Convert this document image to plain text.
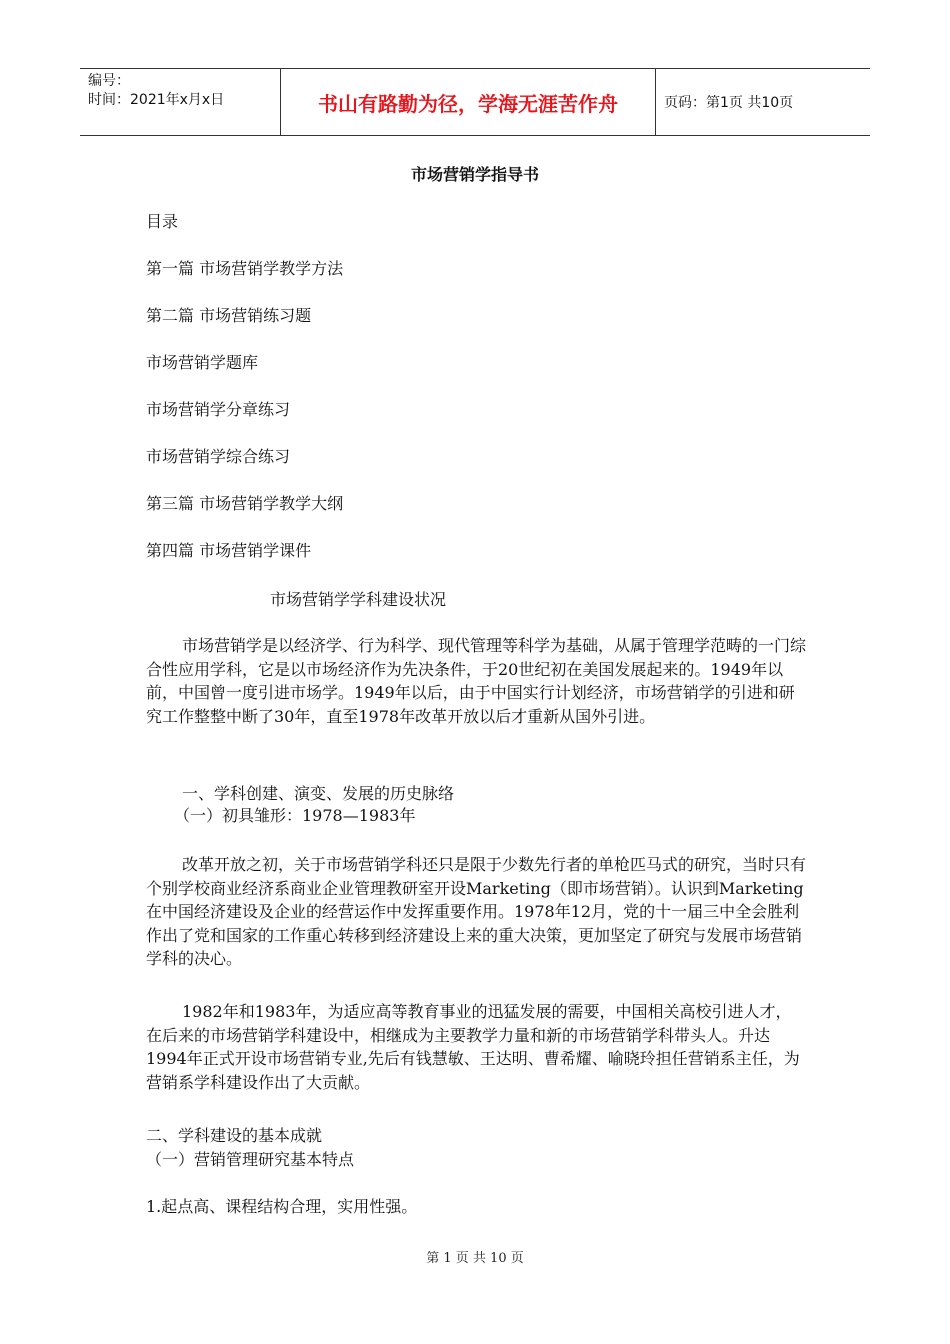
编号：
时间：2021年x月x日	书山有路勤为径，学海无涯苦作舟	页码：第1页 共10页
市场营销学指导书
目录
第一篇 市场营销学教学方法
第二篇 市场营销练习题
市场营销学题库
市场营销学分章练习
市场营销学综合练习
第三篇 市场营销学教学大纲
第四篇 市场营销学课件
市场营销学学科建设状况

市场营销学是以经济学、行为科学、现代管理等科学为基础，从属于管理学范畴的一门综合性应用学科，它是以市场经济作为先决条件，于20世纪初在美国发展起来的。1949年以前，中国曾一度引进市场学。1949年以后，由于中国实行计划经济，市场营销学的引进和研究工作整整中断了30年，直至1978年改革开放以后才重新从国外引进。

一、学科创建、演变、发展的历史脉络
（一）初具雏形：1978—1983年

改革开放之初，关于市场营销学科还只是限于少数先行者的单枪匹马式的研究，当时只有个别学校商业经济系商业企业管理教研室开设Marketing（即市场营销）。认识到Marketing在中国经济建设及企业的经营运作中发挥重要作用。1978年12月，党的十一届三中全会胜利作出了党和国家的工作重心转移到经济建设上来的重大决策，更加坚定了研究与发展市场营销学科的决心。

1982年和1983年，为适应高等教育事业的迅猛发展的需要，中国相关高校引进人才，在后来的市场营销学科建设中，相继成为主要教学力量和新的市场营销学科带头人。升达1994年正式开设市场营销专业,先后有钱慧敏、王达明、曹希耀、喻晓玲担任营销系主任，为营销系学科建设作出了大贡献。

二、学科建设的基本成就
（一）营销管理研究基本特点
1.起点高、课程结构合理，实用性强。
第 1 页 共 10 页
